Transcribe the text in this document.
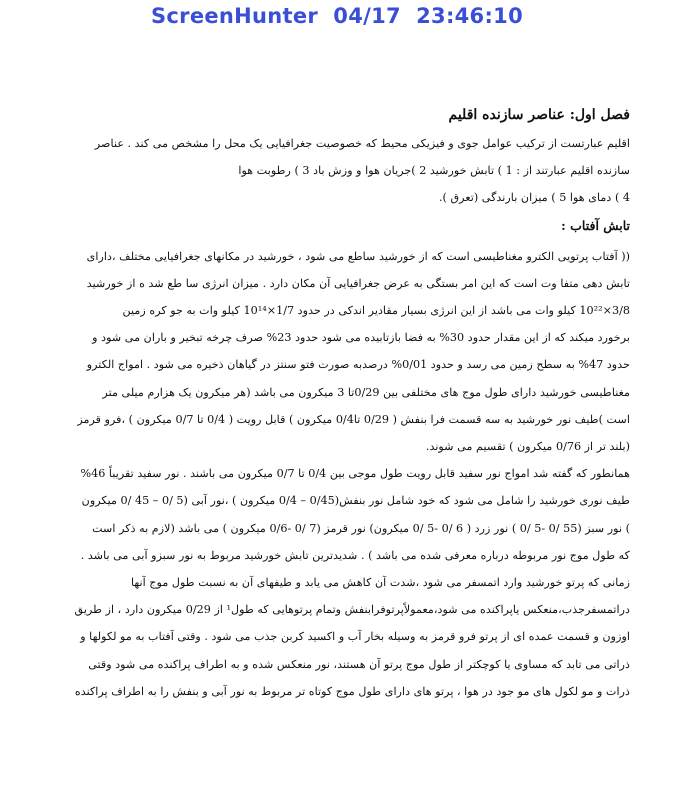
ScreenHunter  04/17  23:46:10
فصل اول: عناصر سازنده اقلیم

اقلیم عبارتست از ترکیب عوامل جوی و فیزیکی محیط که خصوصیت جغرافیایی یک محل را مشخص می کند . عناصر

سازنده اقلیم عبارتند از : 1 ) تابش خورشید 2 )جریان هوا و وزش باد 3 ) رطوبت هوا

4 ) دمای هوا 5 ) میزان بارندگی (تعرق ).

تابش آفتاب :

(( آفتاب پرتویی الکترو مغناطیسی است که از خورشید ساطع می شود ، خورشید در مکانهای جغرافیایی مختلف ،دارای

تابش دهی متفا وت است که این امر بستگی به عرض جغرافیایی آن مکان دارد . میزان انرژی سا طع شد ه از خورشید

3/8×10²² کیلو وات می باشد از این انرژی بسیار مقادیر اندکی در حدود 1/7×10¹⁴ کیلو وات به جو کره زمین

برخورد میکند که از این مقدار حدود 30% به فضا بازتابیده می شود حدود 23% صرف چرخه تبخیر و باران می شود و

حدود 47% به سطح زمین می رسد و حدود 0/01% درصدبه صورت فتو سنتز در گیاهان ذخیره می شود . امواج الکترو

مغناطیسی خورشید دارای طول موج های مختلفی بین 0/29تا 3 میکرون می باشد (هر میکرون یک هزارم میلی متر

است )طیف نور خورشید به سه قسمت فرا بنفش ( 0/29 تا0/4 میکرون ) قابل رویت ( 0/4 تا 0/7 میکرون ) ،فرو قرمز

(بلند تر از 0/76 میکرون ) تقسیم می شوند.

همانطور که گفته شد امواج نور سفید قابل رویت طول موجی بین 0/4 تا 0/7 میکرون می باشند . نور سفید تقریباً 46%

طیف نوری خورشید را شامل می شود که خود شامل نور بنفش(0/45 – 0/4 میکرون ) ،نور آبی (5 /0 – 45 /0 میکرون

) نور سبز (55 /0 -5 /0 ) نور زرد ( 6 /0 -5 /0 میکرون) نور قرمز (7 /0 -0/6 میکرون ) می باشد (لازم به ذکر است

که طول موج نور مربوطه درباره معرفی شده می باشد ) . شدیدترین تابش خورشید مربوط به نور سبزو آبی می باشد .

زمانی که پرتو خورشید وارد اتمسفر می شود ،شدت آن کاهش می یابد و طیفهای آن به نسبت طول موج آنها

دراتمسفرجذب،منعکس یاپراکنده می شود،معمولاًپرتوفرابنفش وتمام پرتوهایی که طول¹ از 0/29 میکرون دارد ، از طریق

اوزون و قسمت عمده ای از پرتو فرو قرمز به وسیله بخار آب و اکسید کربن جذب می شود . وقتی آفتاب به مو لکولها و

ذراتی می تابد که مساوی یا کوچکتر از طول موج پرتو آن هستند، نور منعکس شده و به اطراف پراکنده می شود وقتی

ذرات و مو لکول های مو جود در هوا ، پرتو های دارای طول موج کوتاه تر مربوط به نور آبی و بنفش را به اطراف پراکنده
